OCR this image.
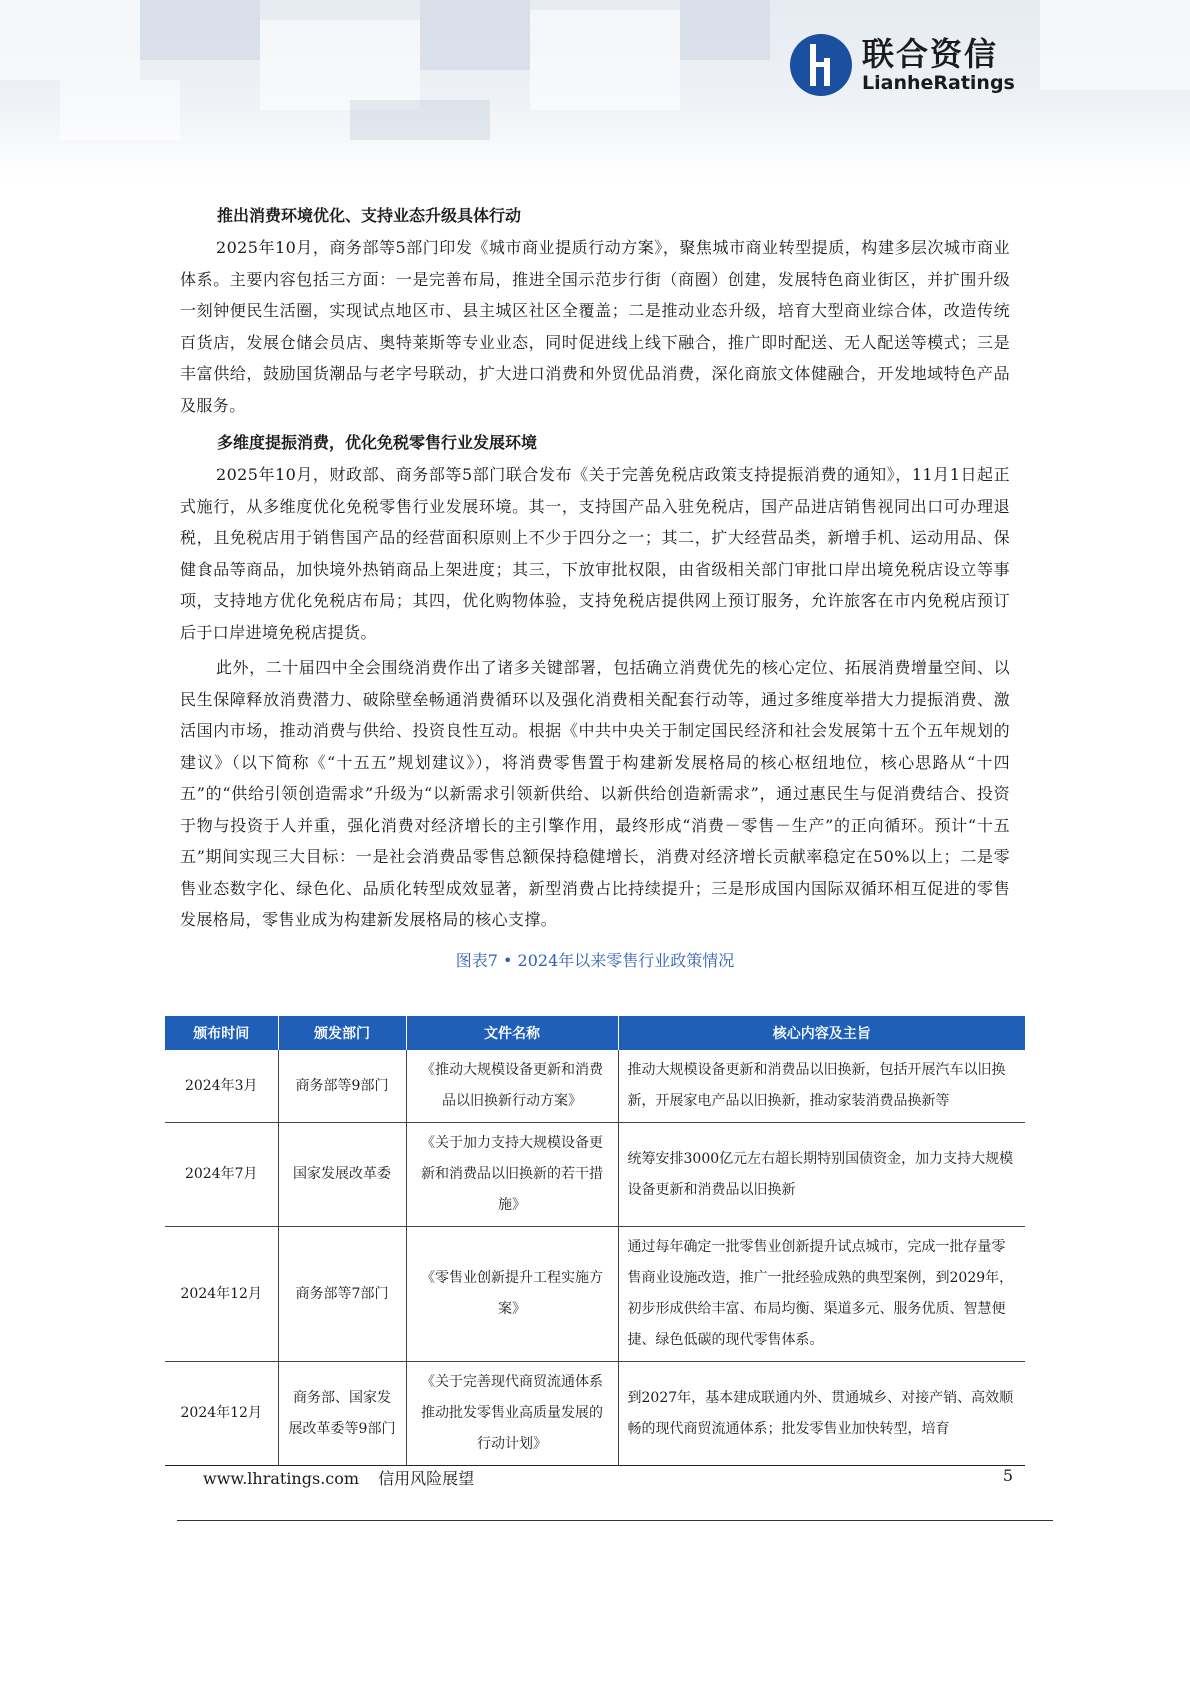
联合资信
LianheRatings

推出消费环境优化、支持业态升级具体行动

2025年10月，商务部等5部门印发《城市商业提质行动方案》，聚焦城市商业转型提质，构建多层次城市商业体系。主要内容包括三方面：一是完善布局，推进全国示范步行街（商圈）创建，发展特色商业街区，并扩围升级一刻钟便民生活圈，实现试点地区市、县主城区社区全覆盖；二是推动业态升级，培育大型商业综合体，改造传统百货店，发展仓储会员店、奥特莱斯等专业业态，同时促进线上线下融合，推广即时配送、无人配送等模式；三是丰富供给，鼓励国货潮品与老字号联动，扩大进口消费和外贸优品消费，深化商旅文体健融合，开发地域特色产品及服务。

多维度提振消费，优化免税零售行业发展环境

2025年10月，财政部、商务部等5部门联合发布《关于完善免税店政策支持提振消费的通知》，11月1日起正式施行，从多维度优化免税零售行业发展环境。其一，支持国产品入驻免税店，国产品进店销售视同出口可办理退税，且免税店用于销售国产品的经营面积原则上不少于四分之一；其二，扩大经营品类，新增手机、运动用品、保健食品等商品，加快境外热销商品上架进度；其三，下放审批权限，由省级相关部门审批口岸出境免税店设立等事项，支持地方优化免税店布局；其四，优化购物体验，支持免税店提供网上预订服务，允许旅客在市内免税店预订后于口岸进境免税店提货。

此外，二十届四中全会围绕消费作出了诸多关键部署，包括确立消费优先的核心定位、拓展消费增量空间、以民生保障释放消费潜力、破除壁垒畅通消费循环以及强化消费相关配套行动等，通过多维度举措大力提振消费、激活国内市场，推动消费与供给、投资良性互动。根据《中共中央关于制定国民经济和社会发展第十五个五年规划的建议》（以下简称《“十五五”规划建议》），将消费零售置于构建新发展格局的核心枢纽地位，核心思路从“十四五”的“供给引领创造需求”升级为“以新需求引领新供给、以新供给创造新需求”，通过惠民生与促消费结合、投资于物与投资于人并重，强化消费对经济增长的主引擎作用，最终形成“消费－零售－生产”的正向循环。预计“十五五”期间实现三大目标：一是社会消费品零售总额保持稳健增长，消费对经济增长贡献率稳定在50%以上；二是零售业态数字化、绿色化、品质化转型成效显著，新型消费占比持续提升；三是形成国内国际双循环相互促进的零售发展格局，零售业成为构建新发展格局的核心支撑。

图表7 • 2024年以来零售行业政策情况
颁布时间	颁发部门	文件名称	核心内容及主旨
2024年3月	商务部等9部门	《推动大规模设备更新和消费品以旧换新行动方案》	推动大规模设备更新和消费品以旧换新，包括开展汽车以旧换新，开展家电产品以旧换新，推动家装消费品换新等
2024年7月	国家发展改革委	《关于加力支持大规模设备更新和消费品以旧换新的若干措施》	统筹安排3000亿元左右超长期特别国债资金，加力支持大规模设备更新和消费品以旧换新
2024年12月	商务部等7部门	《零售业创新提升工程实施方案》	通过每年确定一批零售业创新提升试点城市，完成一批存量零售商业设施改造，推广一批经验成熟的典型案例，到2029年，初步形成供给丰富、布局均衡、渠道多元、服务优质、智慧便捷、绿色低碳的现代零售体系。
2024年12月	商务部、国家发展改革委等9部门	《关于完善现代商贸流通体系推动批发零售业高质量发展的行动计划》	到2027年，基本建成联通内外、贯通城乡、对接产销、高效顺畅的现代商贸流通体系；批发零售业加快转型，培育
www.lhratings.com 信用风险展望	5
